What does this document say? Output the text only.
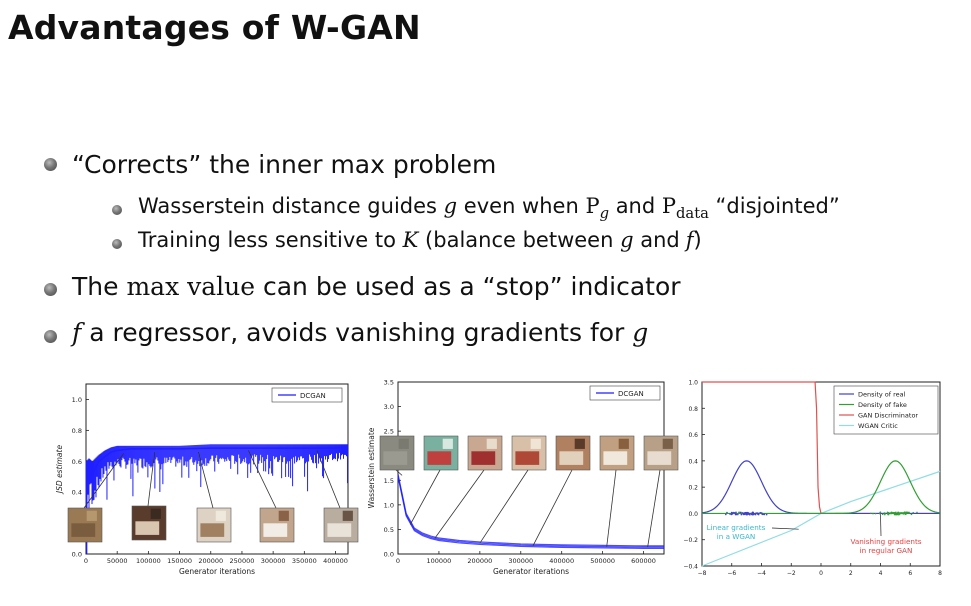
Advantages of W-GAN
“Corrects” the inner max problem
Wasserstein distance guides g even when $P_g$ and $P_{data}$ “disjointed”
Training less sensitive to K (balance between g and f)
The max value can be used as a “stop” indicator
f a regressor, avoids vanishing gradients for g
0	50000 100000 150000 200000 250000 300000 350000 400000
0.0
0.4
0.6
0.8
1.0
Generator iterations
JSD estimate
DCGAN
0	100000 200000 300000 400000 500000 600000
0.0
0.5
1.0
1.5
2.5
3.0
3.5
Generator iterations
Wasserstein estimate
DCGAN
−8	−6	−4	−2	0	2	4	6	8
−0.4
−0.2
0.0
0.2
0.4
0.6
0.8
1.0
Density of real
Density of fake
GAN Discriminator
WGAN Critic
Linear gradients
in a WGAN
Vanishing gradients
in regular GAN
